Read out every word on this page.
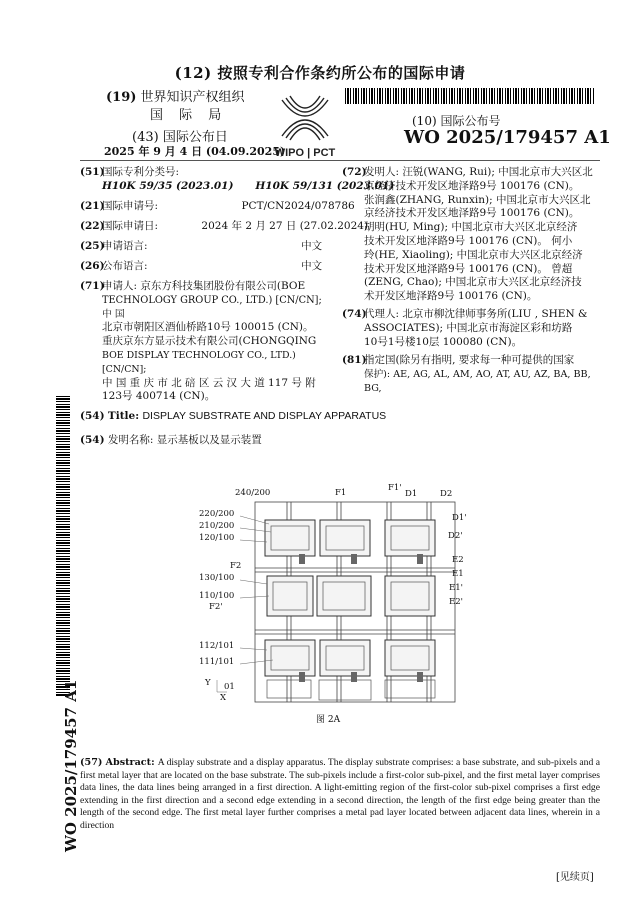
(12) 按照专利合作条约所公布的国际申请
(19) 世界知识产权组织
国 际 局
(43) 国际公布日
2025 年 9 月 4 日 (04.09.2025)
WIPO | PCT
(10) 国际公布号
WO 2025/179457 A1
(51)
国际专利分类号:
H10K 59/35 (2023.01)      H10K 59/131 (2023.01)
(21)
国际申请号:                         PCT/CN2024/078786
(22)
国际申请日:             2024 年 2 月 27 日 (27.02.2024)
(25)
申请语言:                                              中文
(26)
公布语言:                                              中文
(71)
申请人: 京东方科技集团股份有限公司(BOE
TECHNOLOGY GROUP CO., LTD.) [CN/CN]; 中 国
北京市朝阳区酒仙桥路10号 100015 (CN)。
重庆京东方显示技术有限公司(CHONGQING
BOE DISPLAY TECHNOLOGY CO., LTD.) [CN/CN];
中 国 重 庆 市 北 碚 区 云 汉 大 道 117 号 附
123号 400714 (CN)。
(72)
发明人: 汪锐(WANG, Rui); 中国北京市大兴区北
京经济技术开发区地泽路9号 100176 (CN)。
张润鑫(ZHANG, Runxin); 中国北京市大兴区北
京经济技术开发区地泽路9号 100176 (CN)。
胡明(HU, Ming); 中国北京市大兴区北京经济
技术开发区地泽路9号 100176 (CN)。 何小
玲(HE, Xiaoling); 中国北京市大兴区北京经济
技术开发区地泽路9号 100176 (CN)。 曾超
(ZENG, Chao); 中国北京市大兴区北京经济技
术开发区地泽路9号 100176 (CN)。
(74)
代理人: 北京市柳沈律师事务所(LIU , SHEN &
ASSOCIATES); 中国北京市海淀区彩和坊路
10号1号楼10层 100080 (CN)。
(81)
指定国(除另有指明, 要求每一种可提供的国家
保护): AE, AG, AL, AM, AO, AT, AU, AZ, BA, BB, BG,
WO 2025/179457 A1
(54) Title: DISPLAY SUBSTRATE AND DISPLAY APPARATUS
(54) 发明名称: 显示基板以及显示装置
240/200	F1	F1'
D1	D2
220/200
210/200
120/100
D1'
D2'
E2
E1
E1'
E2'
F2
130/100
110/100
F2'
112/101
111/101
Y 01
X
图 2A
(57) Abstract: A display substrate and a display apparatus. The display substrate comprises: a base substrate, and sub-pixels and a first metal layer that are located on the base substrate. The sub-pixels include a first-color sub-pixel, and the first metal layer comprises data lines, the data lines being arranged in a first direction. A light-emitting region of the first-color sub-pixel comprises a first edge extending in the first direction and a second edge extending in a second direction, the length of the first edge being greater than the length of the second edge. The first metal layer further comprises a metal pad layer located between adjacent data lines, wherein in a direction
[见续页]
